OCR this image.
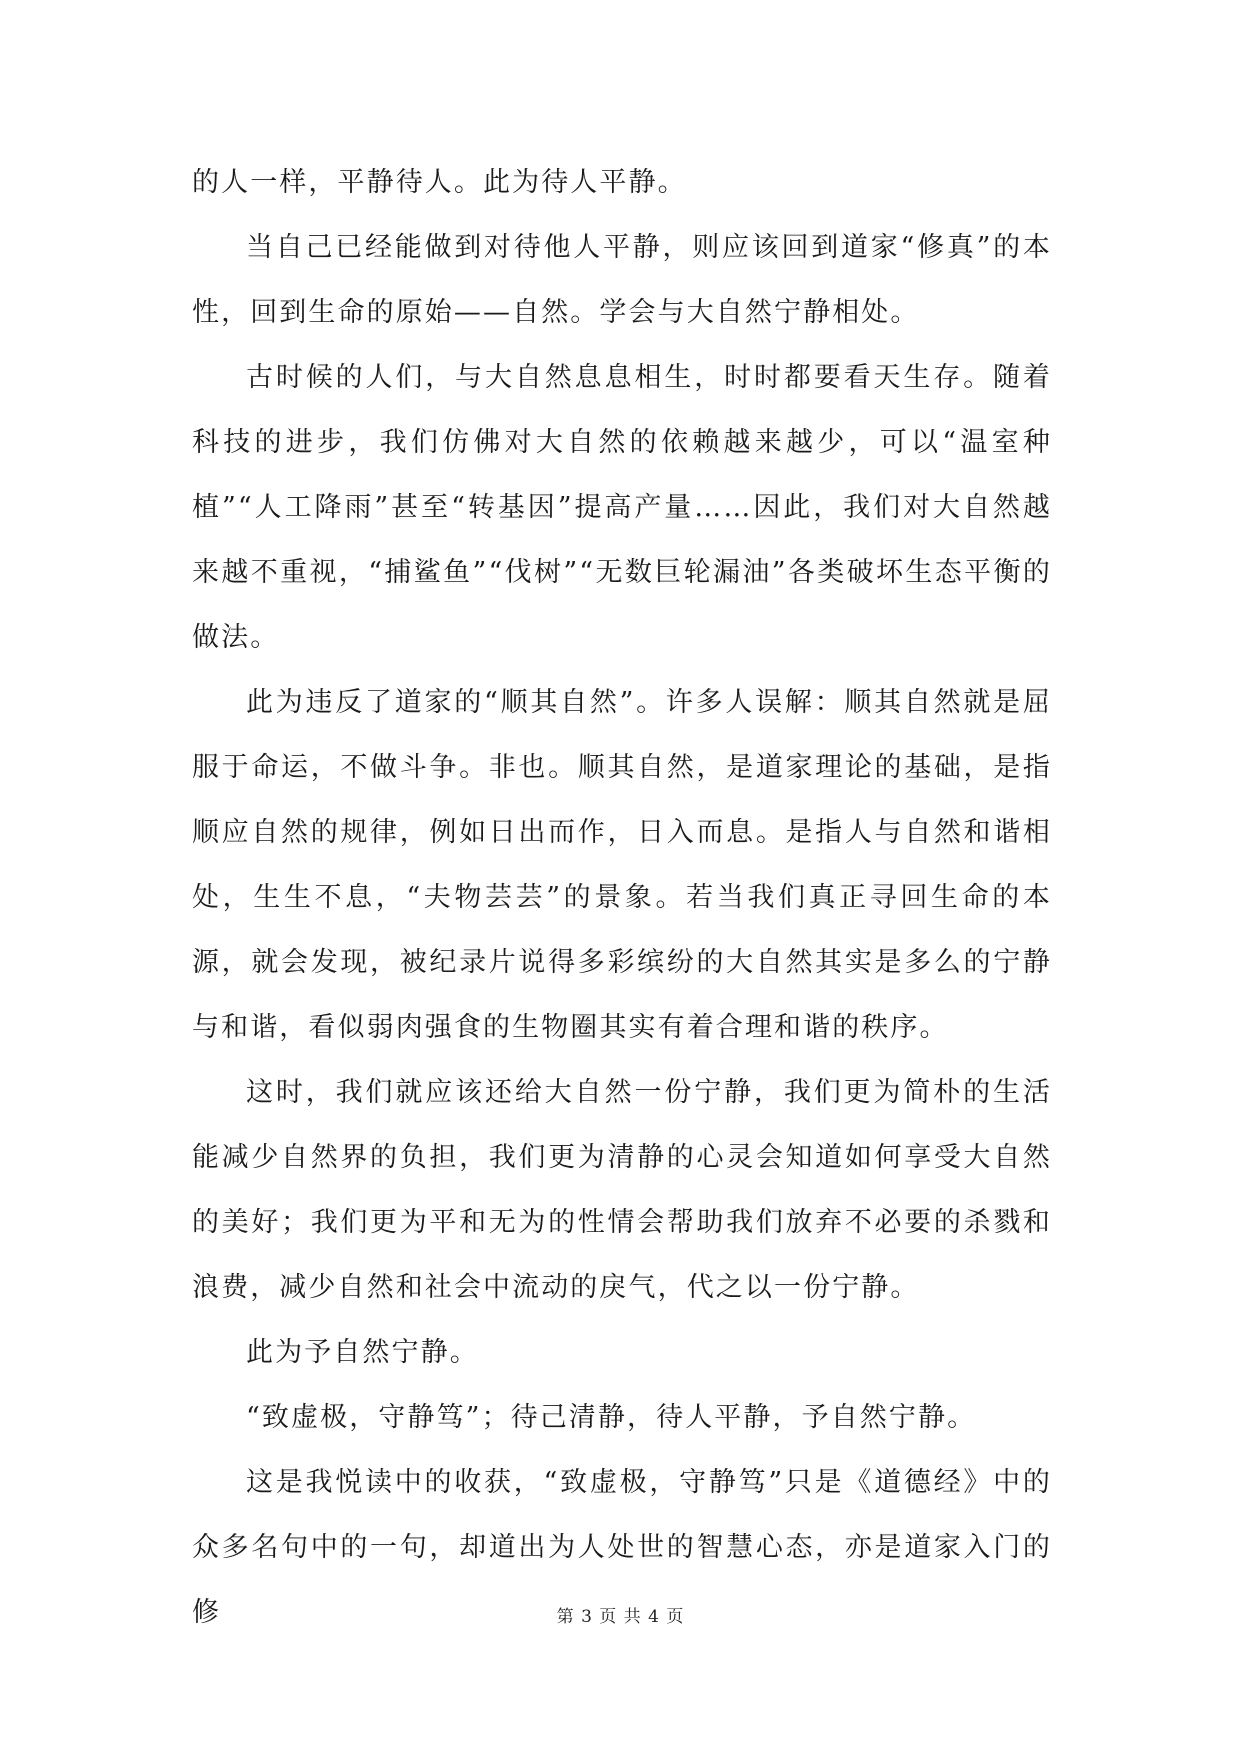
的人一样，平静待人。此为待人平静。

当自己已经能做到对待他人平静，则应该回到道家“修真”的本性，回到生命的原始——自然。学会与大自然宁静相处。

古时候的人们，与大自然息息相生，时时都要看天生存。随着科技的进步，我们仿佛对大自然的依赖越来越少，可以“温室种植”“人工降雨”甚至“转基因”提高产量……因此，我们对大自然越来越不重视，“捕鲨鱼”“伐树”“无数巨轮漏油”各类破坏生态平衡的做法。

此为违反了道家的“顺其自然”。许多人误解：顺其自然就是屈服于命运，不做斗争。非也。顺其自然，是道家理论的基础，是指顺应自然的规律，例如日出而作，日入而息。是指人与自然和谐相处，生生不息，“夫物芸芸”的景象。若当我们真正寻回生命的本源，就会发现，被纪录片说得多彩缤纷的大自然其实是多么的宁静与和谐，看似弱肉强食的生物圈其实有着合理和谐的秩序。

这时，我们就应该还给大自然一份宁静，我们更为简朴的生活能减少自然界的负担，我们更为清静的心灵会知道如何享受大自然的美好；我们更为平和无为的性情会帮助我们放弃不必要的杀戮和浪费，减少自然和社会中流动的戾气，代之以一份宁静。

此为予自然宁静。

“致虚极，守静笃”；待己清静，待人平静，予自然宁静。

这是我悦读中的收获，“致虚极，守静笃”只是《道德经》中的众多名句中的一句，却道出为人处世的智慧心态，亦是道家入门的修	第 3 页 共 4 页
